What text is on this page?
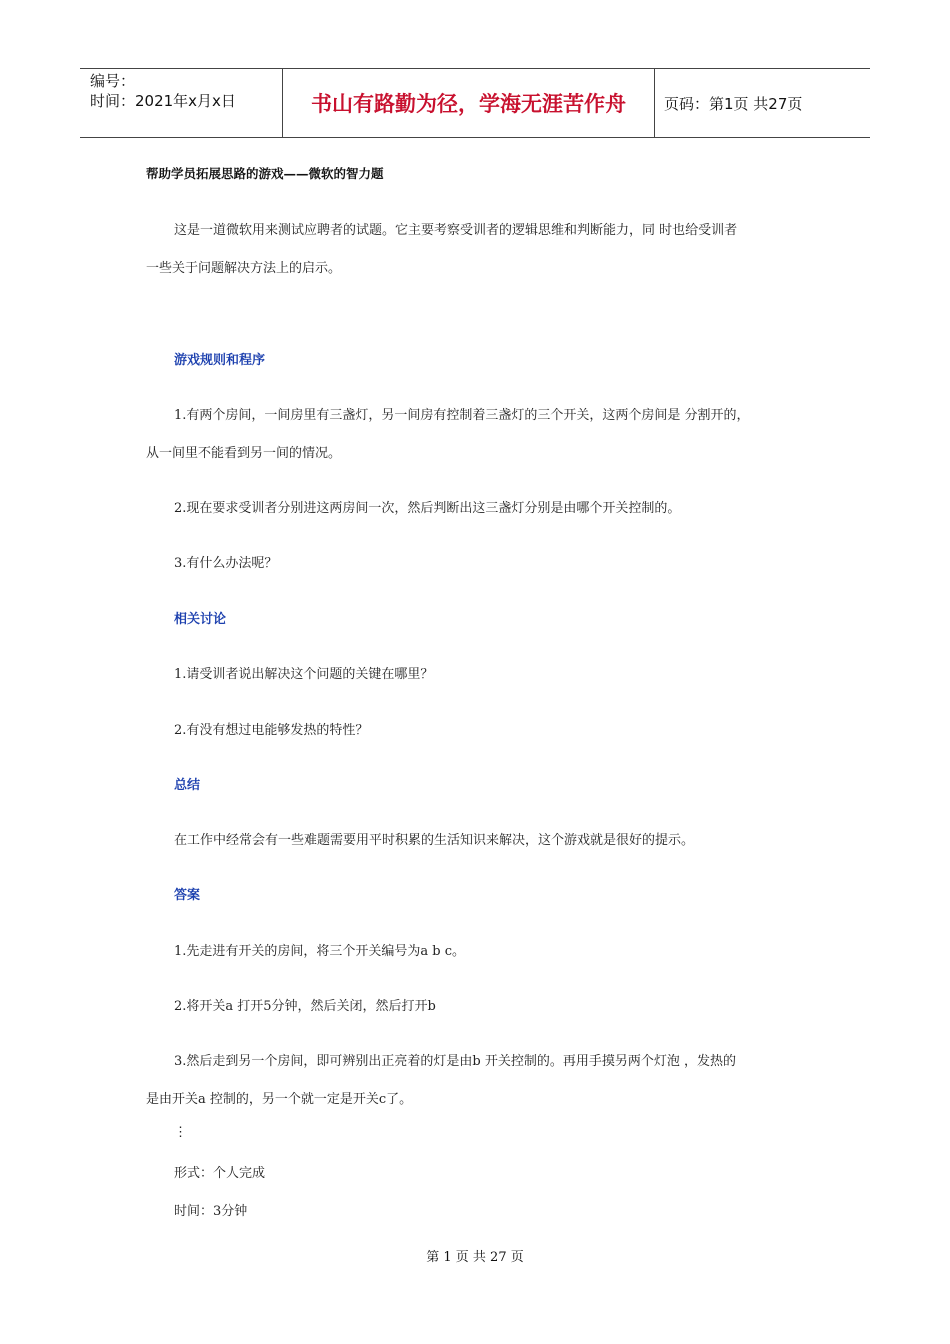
编号：
时间：2021年x月x日	书山有路勤为径，学海无涯苦作舟	页码：第1页 共27页
帮助学员拓展思路的游戏——微软的智力题
这是一道微软用来测试应聘者的试题。它主要考察受训者的逻辑思维和判断能力，同 时也给受训者
一些关于问题解决方法上的启示。
游戏规则和程序
1.有两个房间，一间房里有三盏灯，另一间房有控制着三盏灯的三个开关，这两个房间是 分割开的，
从一间里不能看到另一间的情况。
2.现在要求受训者分别进这两房间一次，然后判断出这三盏灯分别是由哪个开关控制的。
3.有什么办法呢？
相关讨论
1.请受训者说出解决这个问题的关键在哪里？
2.有没有想过电能够发热的特性？
总结
在工作中经常会有一些难题需要用平时积累的生活知识来解决，这个游戏就是很好的提示。
答案
1.先走进有开关的房间，将三个开关编号为a b c。
2.将开关a 打开5分钟，然后关闭，然后打开b
3.然后走到另一个房间，即可辨别出正亮着的灯是由b 开关控制的。再用手摸另两个灯泡 ，发热的
是由开关a 控制的，另一个就一定是开关c了。
⋮
形式：个人完成
时间：3分钟
第 1 页 共 27 页
